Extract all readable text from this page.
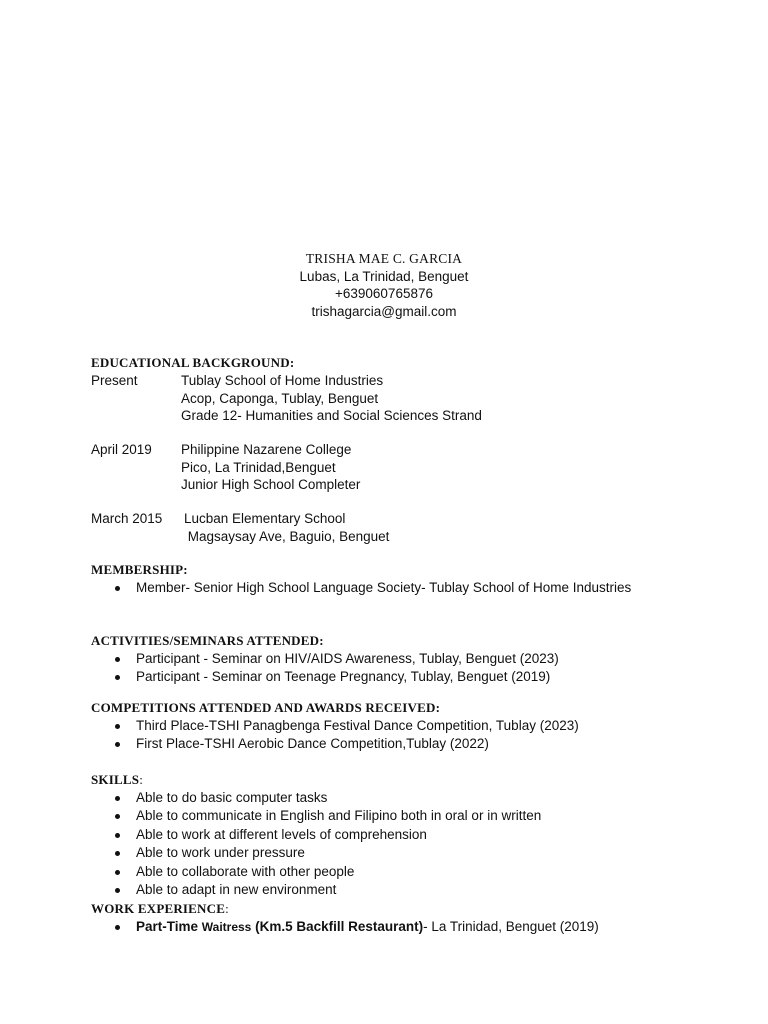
TRISHA MAE C. GARCIA
Lubas, La Trinidad, Benguet
+639060765876
trishagarcia@gmail.com
EDUCATIONAL BACKGROUND:
Present	Tublay School of Home Industries
Acop, Caponga, Tublay, Benguet
Grade 12- Humanities and Social Sciences Strand
April 2019 Philippine Nazarene College
Pico, La Trinidad,Benguet
Junior High School Completer
March 2015 Lucban Elementary School
Magsaysay Ave, Baguio, Benguet
MEMBERSHIP:
Member- Senior High School Language Society- Tublay School of Home Industries
ACTIVITIES/SEMINARS ATTENDED:
Participant - Seminar on HIV/AIDS Awareness, Tublay, Benguet (2023)
Participant - Seminar on Teenage Pregnancy, Tublay, Benguet (2019)
COMPETITIONS ATTENDED AND AWARDS RECEIVED:
Third Place-TSHI Panagbenga Festival Dance Competition, Tublay (2023)
First Place-TSHI Aerobic Dance Competition,Tublay (2022)
SKILLS:
Able to do basic computer tasks
Able to communicate in English and Filipino both in oral or in written
Able to work at different levels of comprehension
Able to work under pressure
Able to collaborate with other people
Able to adapt in new environment
WORK EXPERIENCE:
Part-Time Waitress (Km.5 Backfill Restaurant)- La Trinidad, Benguet (2019)
